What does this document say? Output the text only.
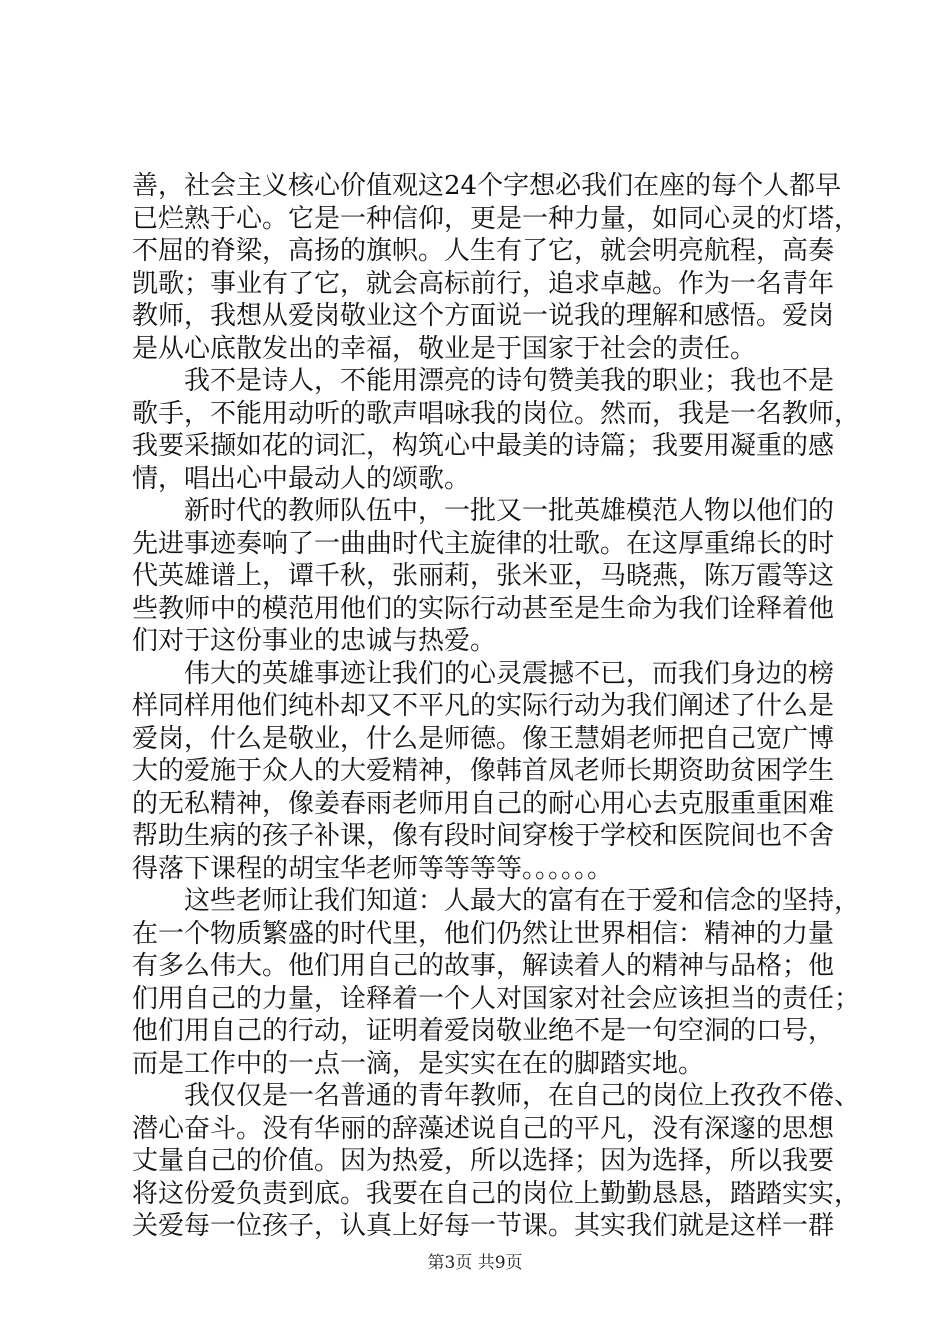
善，社会主义核心价值观这24个字想必我们在座的每个人都早
已烂熟于心。它是一种信仰，更是一种力量，如同心灵的灯塔，
不屈的脊梁，高扬的旗帜。人生有了它，就会明亮航程，高奏
凯歌；事业有了它，就会高标前行，追求卓越。作为一名青年
教师，我想从爱岗敬业这个方面说一说我的理解和感悟。爱岗
是从心底散发出的幸福，敬业是于国家于社会的责任。
　　我不是诗人，不能用漂亮的诗句赞美我的职业；我也不是
歌手，不能用动听的歌声唱咏我的岗位。然而，我是一名教师，
我要采撷如花的词汇，构筑心中最美的诗篇；我要用凝重的感
情，唱出心中最动人的颂歌。
　　新时代的教师队伍中，一批又一批英雄模范人物以他们的
先进事迹奏响了一曲曲时代主旋律的壮歌。在这厚重绵长的时
代英雄谱上，谭千秋，张丽莉，张米亚，马晓燕，陈万霞等这
些教师中的模范用他们的实际行动甚至是生命为我们诠释着他
们对于这份事业的忠诚与热爱。
　　伟大的英雄事迹让我们的心灵震撼不已，而我们身边的榜
样同样用他们纯朴却又不平凡的实际行动为我们阐述了什么是
爱岗，什么是敬业，什么是师德。像王慧娟老师把自己宽广博
大的爱施于众人的大爱精神，像韩首凤老师长期资助贫困学生
的无私精神，像姜春雨老师用自己的耐心用心去克服重重困难
帮助生病的孩子补课，像有段时间穿梭于学校和医院间也不舍
得落下课程的胡宝华老师等等等等。。。。。。
　　这些老师让我们知道：人最大的富有在于爱和信念的坚持，
在一个物质繁盛的时代里，他们仍然让世界相信：精神的力量
有多么伟大。他们用自己的故事，解读着人的精神与品格；他
们用自己的力量，诠释着一个人对国家对社会应该担当的责任；
他们用自己的行动，证明着爱岗敬业绝不是一句空洞的口号，
而是工作中的一点一滴，是实实在在的脚踏实地。
　　我仅仅是一名普通的青年教师，在自己的岗位上孜孜不倦、
潜心奋斗。没有华丽的辞藻述说自己的平凡，没有深邃的思想
丈量自己的价值。因为热爱，所以选择；因为选择，所以我要
将这份爱负责到底。我要在自己的岗位上勤勤恳恳，踏踏实实，
关爱每一位孩子，认真上好每一节课。其实我们就是这样一群
第3页 共9页
